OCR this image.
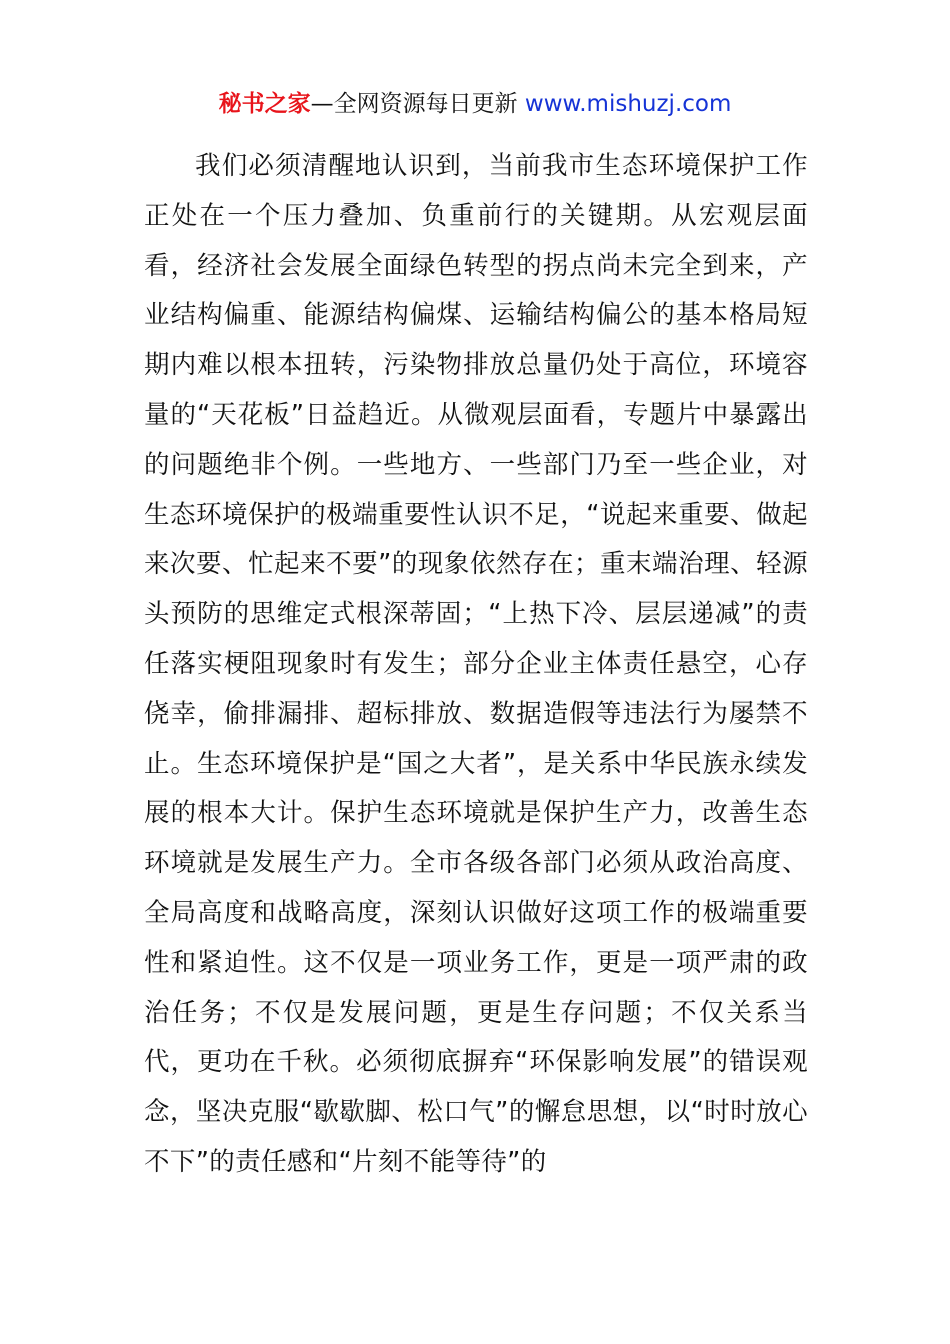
秘书之家—全网资源每日更新 www.mishuzj.com

我们必须清醒地认识到，当前我市生态环境保护工作正处在一个压力叠加、负重前行的关键期。从宏观层面看，经济社会发展全面绿色转型的拐点尚未完全到来，产业结构偏重、能源结构偏煤、运输结构偏公的基本格局短期内难以根本扭转，污染物排放总量仍处于高位，环境容量的“天花板”日益趋近。从微观层面看，专题片中暴露出的问题绝非个例。一些地方、一些部门乃至一些企业，对生态环境保护的极端重要性认识不足，“说起来重要、做起来次要、忙起来不要”的现象依然存在；重末端治理、轻源头预防的思维定式根深蒂固；“上热下冷、层层递减”的责任落实梗阻现象时有发生；部分企业主体责任悬空，心存侥幸，偷排漏排、超标排放、数据造假等违法行为屡禁不止。生态环境保护是“国之大者”，是关系中华民族永续发展的根本大计。保护生态环境就是保护生产力，改善生态环境就是发展生产力。全市各级各部门必须从政治高度、全局高度和战略高度，深刻认识做好这项工作的极端重要性和紧迫性。这不仅是一项业务工作，更是一项严肃的政治任务；不仅是发展问题，更是生存问题；不仅关系当代，更功在千秋。必须彻底摒弃“环保影响发展”的错误观念，坚决克服“歇歇脚、松口气”的懈怠思想，以“时时放心不下”的责任感和“片刻不能等待”的
